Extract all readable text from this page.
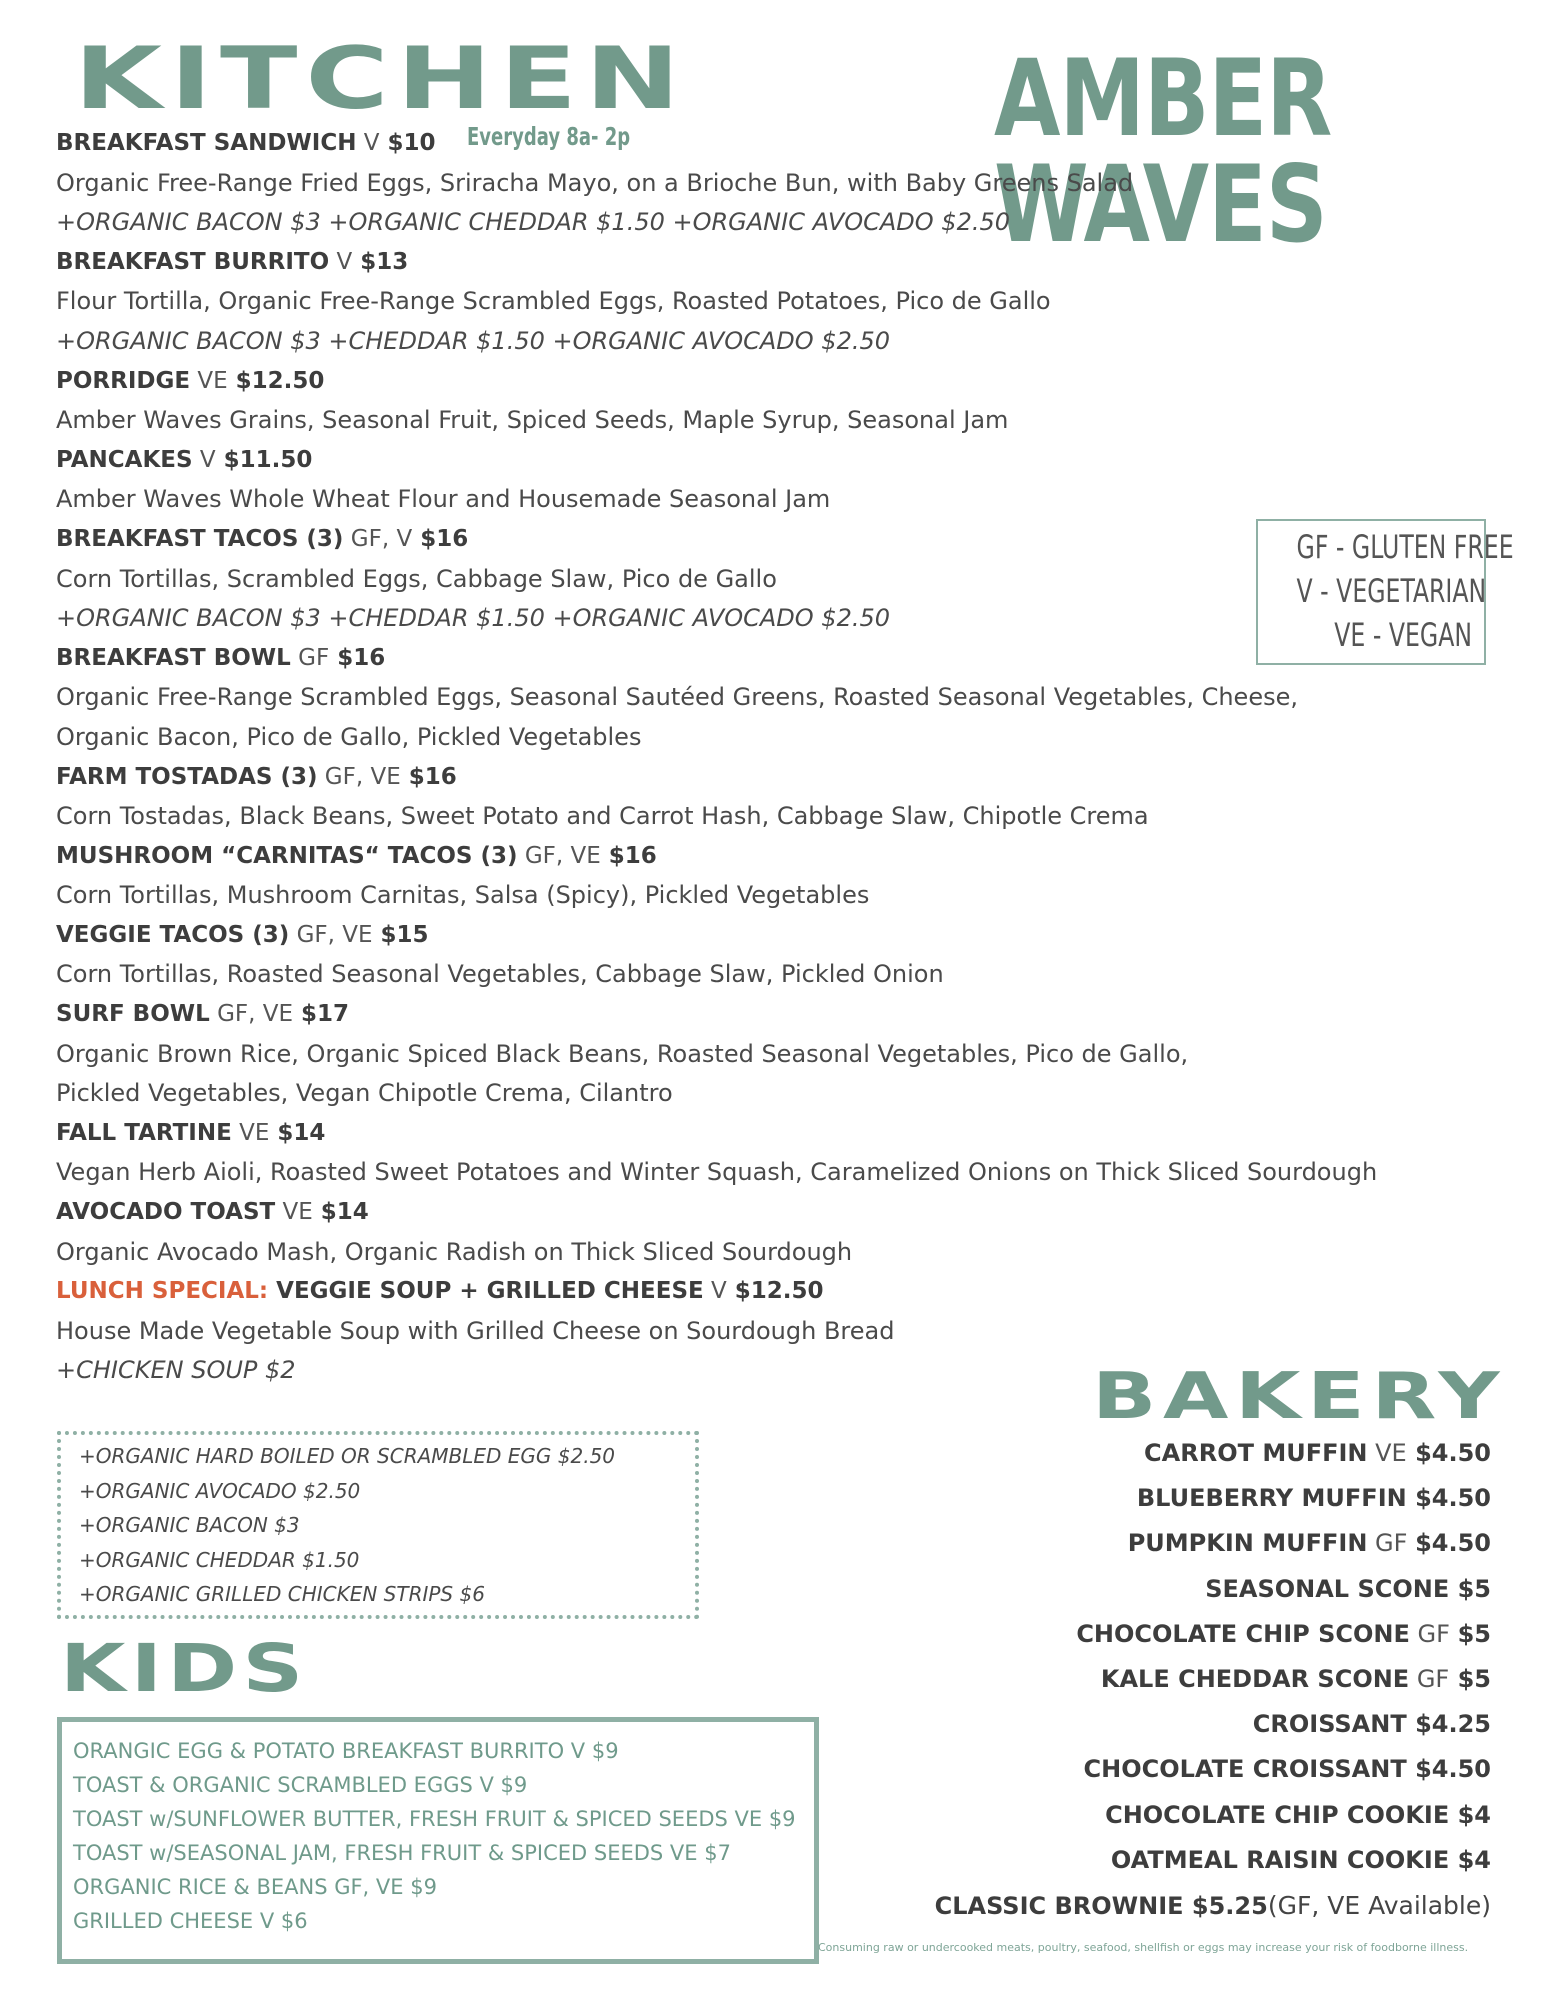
KITCHEN	AMBER WAVES
Everyday 8a- 2p
BREAKFAST SANDWICH V $10
Organic Free-Range Fried Eggs, Sriracha Mayo, on a Brioche Bun, with Baby Greens Salad
+ORGANIC BACON $3 +ORGANIC CHEDDAR $1.50 +ORGANIC AVOCADO $2.50
BREAKFAST BURRITO V $13
Flour Tortilla, Organic Free-Range Scrambled Eggs, Roasted Potatoes, Pico de Gallo
+ORGANIC BACON $3 +CHEDDAR $1.50 +ORGANIC AVOCADO $2.50
PORRIDGE VE $12.50
Amber Waves Grains, Seasonal Fruit, Spiced Seeds, Maple Syrup, Seasonal Jam
PANCAKES V $11.50
Amber Waves Whole Wheat Flour and Housemade Seasonal Jam
BREAKFAST TACOS (3) GF, V $16
Corn Tortillas, Scrambled Eggs, Cabbage Slaw, Pico de Gallo
+ORGANIC BACON $3 +CHEDDAR $1.50 +ORGANIC AVOCADO $2.50
BREAKFAST BOWL GF $16
Organic Free-Range Scrambled Eggs, Seasonal Sautéed Greens, Roasted Seasonal Vegetables, Cheese,
Organic Bacon, Pico de Gallo, Pickled Vegetables
FARM TOSTADAS (3) GF, VE $16
Corn Tostadas, Black Beans, Sweet Potato and Carrot Hash, Cabbage Slaw, Chipotle Crema
MUSHROOM “CARNITAS“ TACOS (3) GF, VE $16
Corn Tortillas, Mushroom Carnitas, Salsa (Spicy), Pickled Vegetables
VEGGIE TACOS (3) GF, VE $15
Corn Tortillas, Roasted Seasonal Vegetables, Cabbage Slaw, Pickled Onion
SURF BOWL GF, VE $17
Organic Brown Rice, Organic Spiced Black Beans, Roasted Seasonal Vegetables, Pico de Gallo,
Pickled Vegetables, Vegan Chipotle Crema, Cilantro
FALL TARTINE VE $14
Vegan Herb Aioli, Roasted Sweet Potatoes and Winter Squash, Caramelized Onions on Thick Sliced Sourdough
AVOCADO TOAST VE $14
Organic Avocado Mash, Organic Radish on Thick Sliced Sourdough
LUNCH SPECIAL: VEGGIE SOUP + GRILLED CHEESE V $12.50
House Made Vegetable Soup with Grilled Cheese on Sourdough Bread
+CHICKEN SOUP $2
GF - GLUTEN FREE
V - VEGETARIAN
VE - VEGAN
+ORGANIC HARD BOILED OR SCRAMBLED EGG $2.50
+ORGANIC AVOCADO $2.50
+ORGANIC BACON $3
+ORGANIC CHEDDAR $1.50
+ORGANIC GRILLED CHICKEN STRIPS $6
KIDS
ORANGIC EGG & POTATO BREAKFAST BURRITO V $9
TOAST & ORGANIC SCRAMBLED EGGS V $9
TOAST w/SUNFLOWER BUTTER, FRESH FRUIT & SPICED SEEDS VE $9
TOAST w/SEASONAL JAM, FRESH FRUIT & SPICED SEEDS VE $7
ORGANIC RICE & BEANS GF, VE $9
GRILLED CHEESE V $6
BAKERY
CARROT MUFFIN VE $4.50
BLUEBERRY MUFFIN $4.50
PUMPKIN MUFFIN GF $4.50
SEASONAL SCONE $5
CHOCOLATE CHIP SCONE GF $5
KALE CHEDDAR SCONE GF $5
CROISSANT $4.25
CHOCOLATE CROISSANT $4.50
CHOCOLATE CHIP COOKIE $4
OATMEAL RAISIN COOKIE $4
CLASSIC BROWNIE $5.25(GF, VE Available)
Consuming raw or undercooked meats, poultry, seafood, shellfish or eggs may increase your risk of foodborne illness.
